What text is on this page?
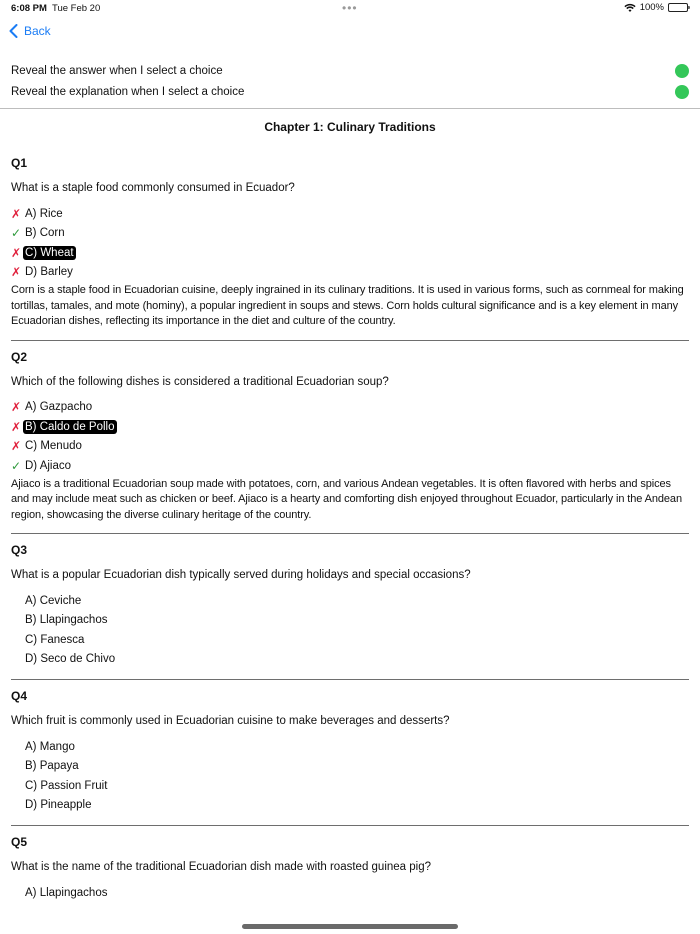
6:08 PM Tue Feb 20	•••	100%
Back
Reveal the answer when I select a choice
Reveal the explanation when I select a choice
Chapter 1: Culinary Traditions
Q1
What is a staple food commonly consumed in Ecuador?
✗ A) Rice
✓ B) Corn
✗ C) Wheat
✗ D) Barley
Corn is a staple food in Ecuadorian cuisine, deeply ingrained in its culinary traditions. It is used in various forms, such as cornmeal for making tortillas, tamales, and mote (hominy), a popular ingredient in soups and stews. Corn holds cultural significance and is a key element in many Ecuadorian dishes, reflecting its importance in the diet and culture of the country.
Q2
Which of the following dishes is considered a traditional Ecuadorian soup?
✗ A) Gazpacho
✗ B) Caldo de Pollo
✗ C) Menudo
✓ D) Ajiaco
Ajiaco is a traditional Ecuadorian soup made with potatoes, corn, and various Andean vegetables. It is often flavored with herbs and spices and may include meat such as chicken or beef. Ajiaco is a hearty and comforting dish enjoyed throughout Ecuador, particularly in the Andean region, showcasing the diverse culinary heritage of the country.
Q3
What is a popular Ecuadorian dish typically served during holidays and special occasions?
A) Ceviche
B) Llapingachos
C) Fanesca
D) Seco de Chivo
Q4
Which fruit is commonly used in Ecuadorian cuisine to make beverages and desserts?
A) Mango
B) Papaya
C) Passion Fruit
D) Pineapple
Q5
What is the name of the traditional Ecuadorian dish made with roasted guinea pig?
A) Llapingachos
